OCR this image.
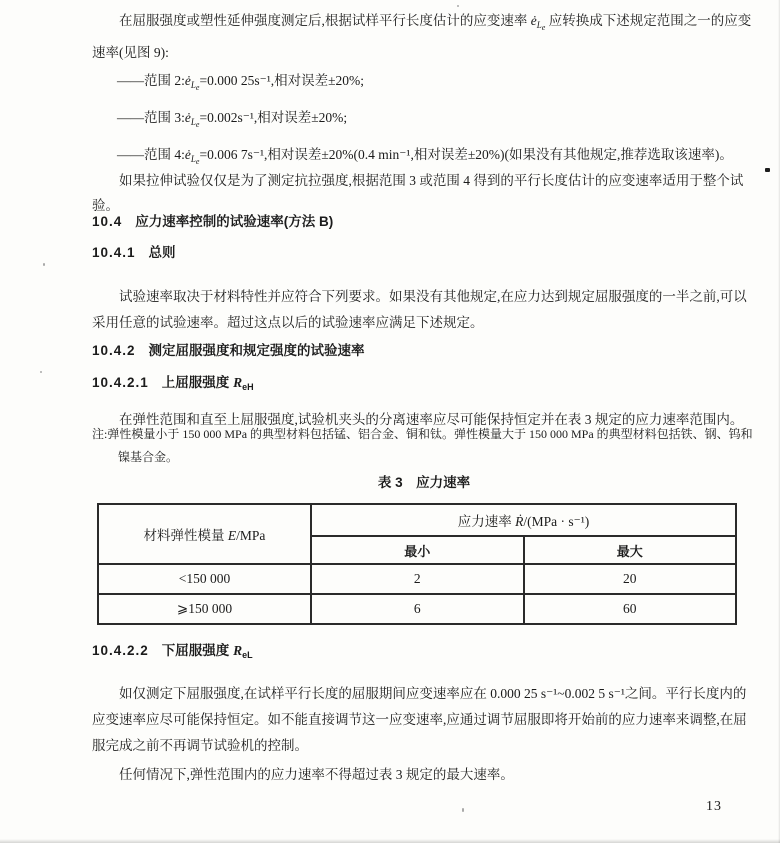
在屈服强度或塑性延伸强度测定后,根据试样平行长度估计的应变速率 $ė_{Le}$ 应转换成下述规定范围之一的应变速率(见图 9):

——范围 $2:ė_{Le}=0.000$ 25s⁻¹,相对误差±20%;

——范围 $3:ė_{Le}=0.002s^{-1}$,相对误差±20%;

——范围 $4:ė_{Le}=0.006$ 7s⁻¹,相对误差±20%(0.4 min⁻¹,相对误差±20%)(如果没有其他规定,推荐选取该速率)。

如果拉伸试验仅仅是为了测定抗拉强度,根据范围 3 或范围 4 得到的平行长度估计的应变速率适用于整个试验。

10.4 应力速率控制的试验速率(方法 B)

10.4.1 总则

试验速率取决于材料特性并应符合下列要求。如果没有其他规定,在应力达到规定屈服强度的一半之前,可以采用任意的试验速率。超过这点以后的试验速率应满足下述规定。

10.4.2 测定屈服强度和规定强度的试验速率

10.4.2.1 上屈服强度 $R_{eH}$

在弹性范围和直至上屈服强度,试验机夹头的分离速率应尽可能保持恒定并在表 3 规定的应力速率范围内。

注:弹性模量小于 150 000 MPa 的典型材料包括锰、铝合金、铜和钛。弹性模量大于 150 000 MPa 的典型材料包括铁、钢、钨和镍基合金。

表 3　应力速率

材料弹性模量 E/MPa	应力速率 Ṙ/(MPa · s⁻¹)	
	最小	最大
<150 000	2	20
⩾150 000	6	60

10.4.2.2 下屈服强度 $R_{eL}$

如仅测定下屈服强度,在试样平行长度的屈服期间应变速率应在 0.000 25 s⁻¹~0.002 5 s⁻¹之间。平行长度内的应变速率应尽可能保持恒定。如不能直接调节这一应变速率,应通过调节屈服即将开始前的应力速率来调整,在屈服完成之前不再调节试验机的控制。

任何情况下,弹性范围内的应力速率不得超过表 3 规定的最大速率。

13
